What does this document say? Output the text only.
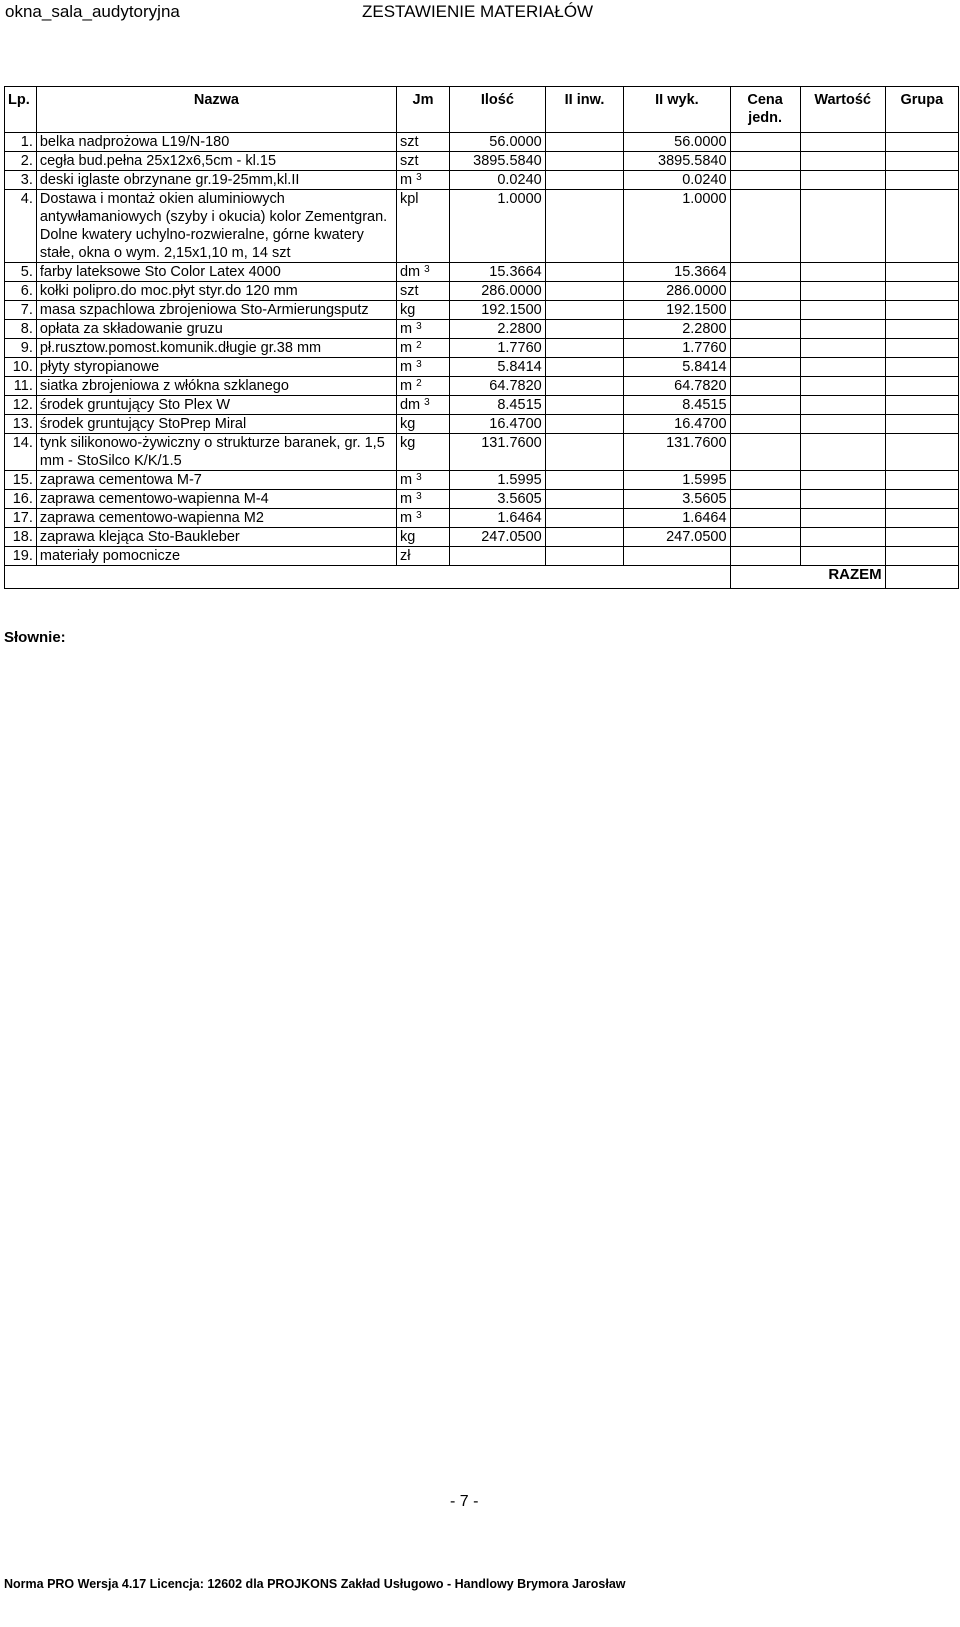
okna_sala_audytoryjna	ZESTAWIENIE MATERIAŁÓW
Lp.	Nazwa	Jm	Ilość	II inw.	II wyk.	Cena jedn.	Wartość	Grupa
1.	belka nadprożowa L19/N-180	szt	56.0000		56.0000			
2.	cegła bud.pełna 25x12x6,5cm - kl.15	szt	3895.5840		3895.5840			
3.	deski iglaste obrzynane gr.19-25mm,kl.II	m $^3$	0.0240		0.0240			
4.	Dostawa i montaż okien aluminiowych antywłamaniowych (szyby i okucia) kolor Zementgran. Dolne kwatery uchylno-rozwieralne, górne kwatery stałe, okna o wym. 2,15x1,10 m, 14 szt	kpl	1.0000		1.0000			
5.	farby lateksowe Sto Color Latex 4000	dm $^3$	15.3664		15.3664			
6.	kołki polipro.do moc.płyt styr.do 120 mm	szt	286.0000		286.0000			
7.	masa szpachlowa zbrojeniowa Sto-Armierungsputz	kg	192.1500		192.1500			
8.	opłata za składowanie gruzu	m $^3$	2.2800		2.2800			
9.	pł.rusztow.pomost.komunik.długie gr.38 mm	m $^2$	1.7760		1.7760			
10.	płyty styropianowe	m $^3$	5.8414		5.8414			
11.	siatka zbrojeniowa z włókna szklanego	m $^2$	64.7820		64.7820			
12.	środek gruntujący Sto Plex W	dm $^3$	8.4515		8.4515			
13.	środek gruntujący StoPrep Miral	kg	16.4700		16.4700			
14.	tynk silikonowo-żywiczny o strukturze baranek, gr. 1,5 mm - StoSilco K/K/1.5	kg	131.7600		131.7600			
15.	zaprawa cementowa M-7	m $^3$	1.5995		1.5995			
16.	zaprawa cementowo-wapienna M-4	m $^3$	3.5605		3.5605			
17.	zaprawa cementowo-wapienna M2	m $^3$	1.6464		1.6464			
18.	zaprawa klejąca Sto-Baukleber	kg	247.0500		247.0500			
19.	materiały pomocnicze	zł						
						RAZEM		
Słownie:
- 7 -
Norma PRO Wersja 4.17 Licencja: 12602 dla PROJKONS Zakład Usługowo - Handlowy Brymora Jarosław
